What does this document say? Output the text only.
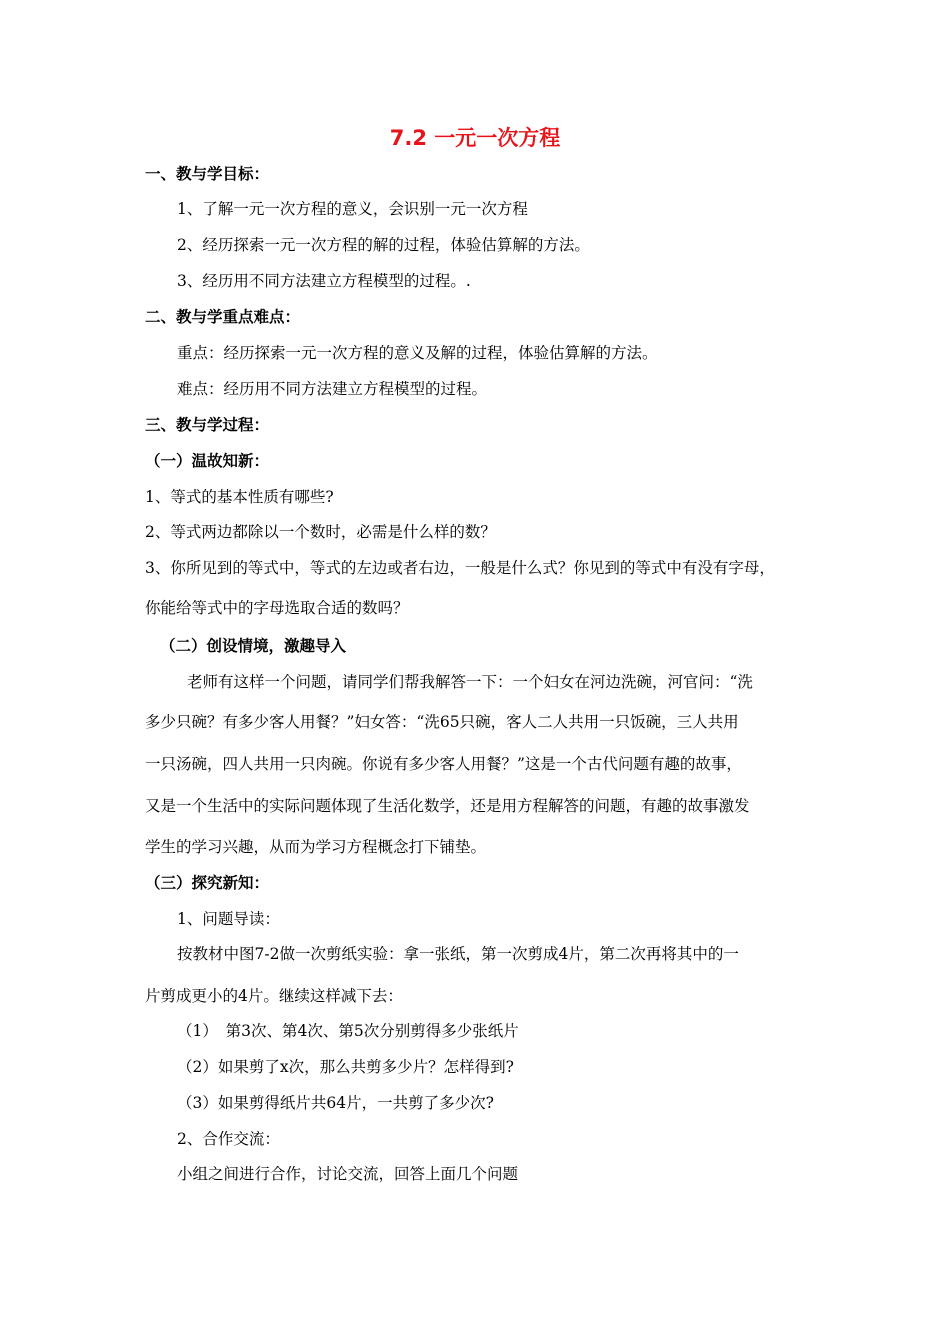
7.2 一元一次方程
一、教与学目标：
1、了解一元一次方程的意义，会识别一元一次方程
2、经历探索一元一次方程的解的过程，体验估算解的方法。
3、经历用不同方法建立方程模型的过程。.
二、教与学重点难点：
重点：经历探索一元一次方程的意义及解的过程，体验估算解的方法。
难点：经历用不同方法建立方程模型的过程。
三、教与学过程：
（一）温故知新：
1、等式的基本性质有哪些?
2、等式两边都除以一个数时，必需是什么样的数？
3、你所见到的等式中，等式的左边或者右边，一般是什么式？你见到的等式中有没有字母，
你能给等式中的字母选取合适的数吗？
（二）创设情境，激趣导入
老师有这样一个问题，请同学们帮我解答一下：一个妇女在河边洗碗，河官问：“洗
多少只碗？有多少客人用餐？”妇女答：“洗65只碗，客人二人共用一只饭碗，三人共用
一只汤碗，四人共用一只肉碗。你说有多少客人用餐？”这是一个古代问题有趣的故事，
又是一个生活中的实际问题体现了生活化数学，还是用方程解答的问题，有趣的故事激发
学生的学习兴趣，从而为学习方程概念打下铺垫。
（三）探究新知：
1、问题导读：
按教材中图7-2做一次剪纸实验：拿一张纸，第一次剪成4片，第二次再将其中的一
片剪成更小的4片。继续这样减下去：
（1）　第3次、第4次、第5次分别剪得多少张纸片
（2）如果剪了x次，那么共剪多少片？怎样得到?
（3）如果剪得纸片共64片，一共剪了多少次?
2、合作交流：
小组之间进行合作，讨论交流，回答上面几个问题
